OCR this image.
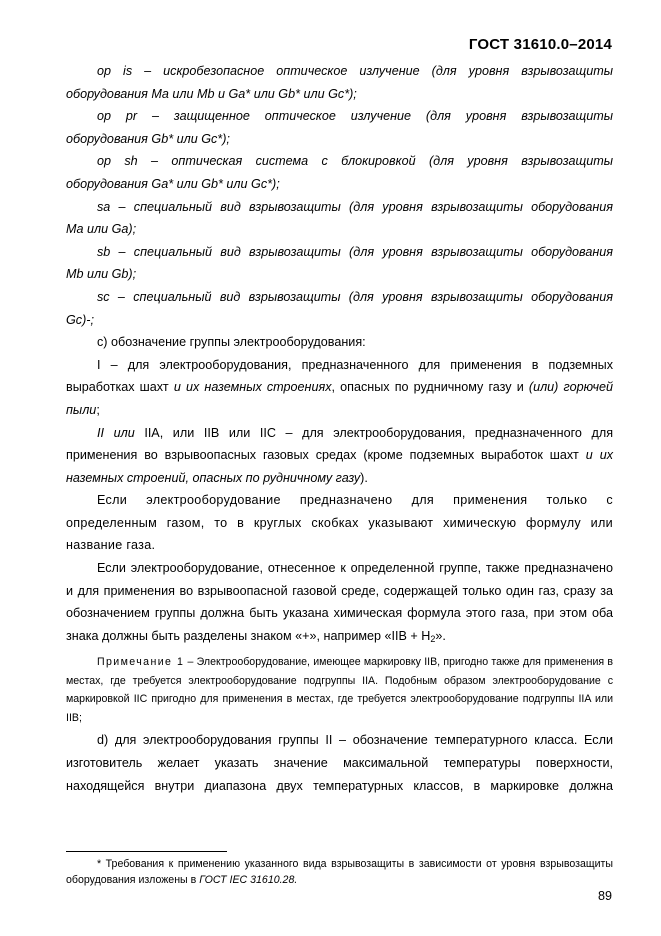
ГОСТ 31610.0–2014

op is – искробезопасное оптическое излучение (для уровня взрывозащиты

оборудования Ma или Mb и Ga* или Gb* или Gc*);

op pr – защищенное оптическое излучение (для уровня взрывозащиты

оборудования Gb* или Gc*);

op sh – оптическая система с блокировкой (для уровня взрывозащиты

оборудования Ga* или Gb* или Gc*);

sa – специальный вид взрывозащиты (для уровня взрывозащиты оборудования

Ma или Ga);

sb – специальный вид взрывозащиты (для уровня взрывозащиты оборудования

Mb или Gb);

sc – специальный вид взрывозащиты (для уровня взрывозащиты оборудования

Gc)-;

c) обозначение группы электрооборудования:

I – для электрооборудования, предназначенного для применения в подземных выработках шахт и их наземных строениях, опасных по рудничному газу и (или) горючей пыли;

II или IIA, или IIB или IIC – для электрооборудования, предназначенного для применения во взрывоопасных газовых средах (кроме подземных выработок шахт и их наземных строений, опасных по рудничному газу).

Если электрооборудование предназначено для применения только с определенным газом, то в круглых скобках указывают химическую формулу или название газа.

Если электрооборудование, отнесенное к определенной группе, также предназначено и для применения во взрывоопасной газовой среде, содержащей только один газ, сразу за обозначением группы должна быть указана химическая формула этого газа, при этом оба знака должны быть разделены знаком «+», например «IIB + $H_2$».

Примечание 1 – Электрооборудование, имеющее маркировку IIB, пригодно также для применения в местах, где требуется электрооборудование подгруппы IIA. Подобным образом электрооборудование с маркировкой IIC пригодно для применения в местах, где требуется электрооборудование подгруппы IIA или IIB;

d) для электрооборудования группы II – обозначение температурного класса. Если изготовитель желает указать значение максимальной температуры поверхности, находящейся внутри диапазона двух температурных классов, в маркировке должна

* Требования к применению указанного вида взрывозащиты в зависимости от уровня взрывозащиты оборудования изложены в ГОСТ IEC 31610.28.
89
